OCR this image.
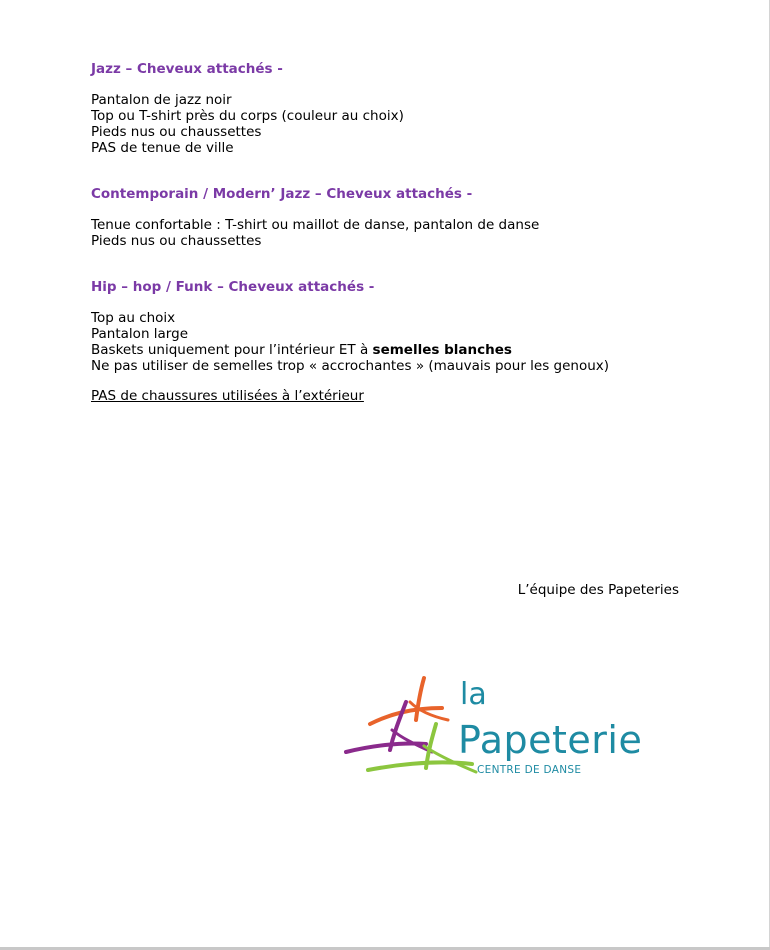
Jazz – Cheveux attachés -
Pantalon de jazz noir
Top ou T-shirt près du corps (couleur au choix)
Pieds nus ou chaussettes
PAS de tenue de ville
Contemporain / Modern’ Jazz – Cheveux attachés -
Tenue confortable : T-shirt ou maillot de danse, pantalon de danse
Pieds nus ou chaussettes
Hip – hop / Funk – Cheveux attachés -
Top au choix
Pantalon large
Baskets uniquement pour l’intérieur ET à semelles blanches
Ne pas utiliser de semelles trop « accrochantes » (mauvais pour les genoux)
PAS de chaussures utilisées à l’extérieur
L’équipe des Papeteries
la
Papeterie
CENTRE DE DANSE
